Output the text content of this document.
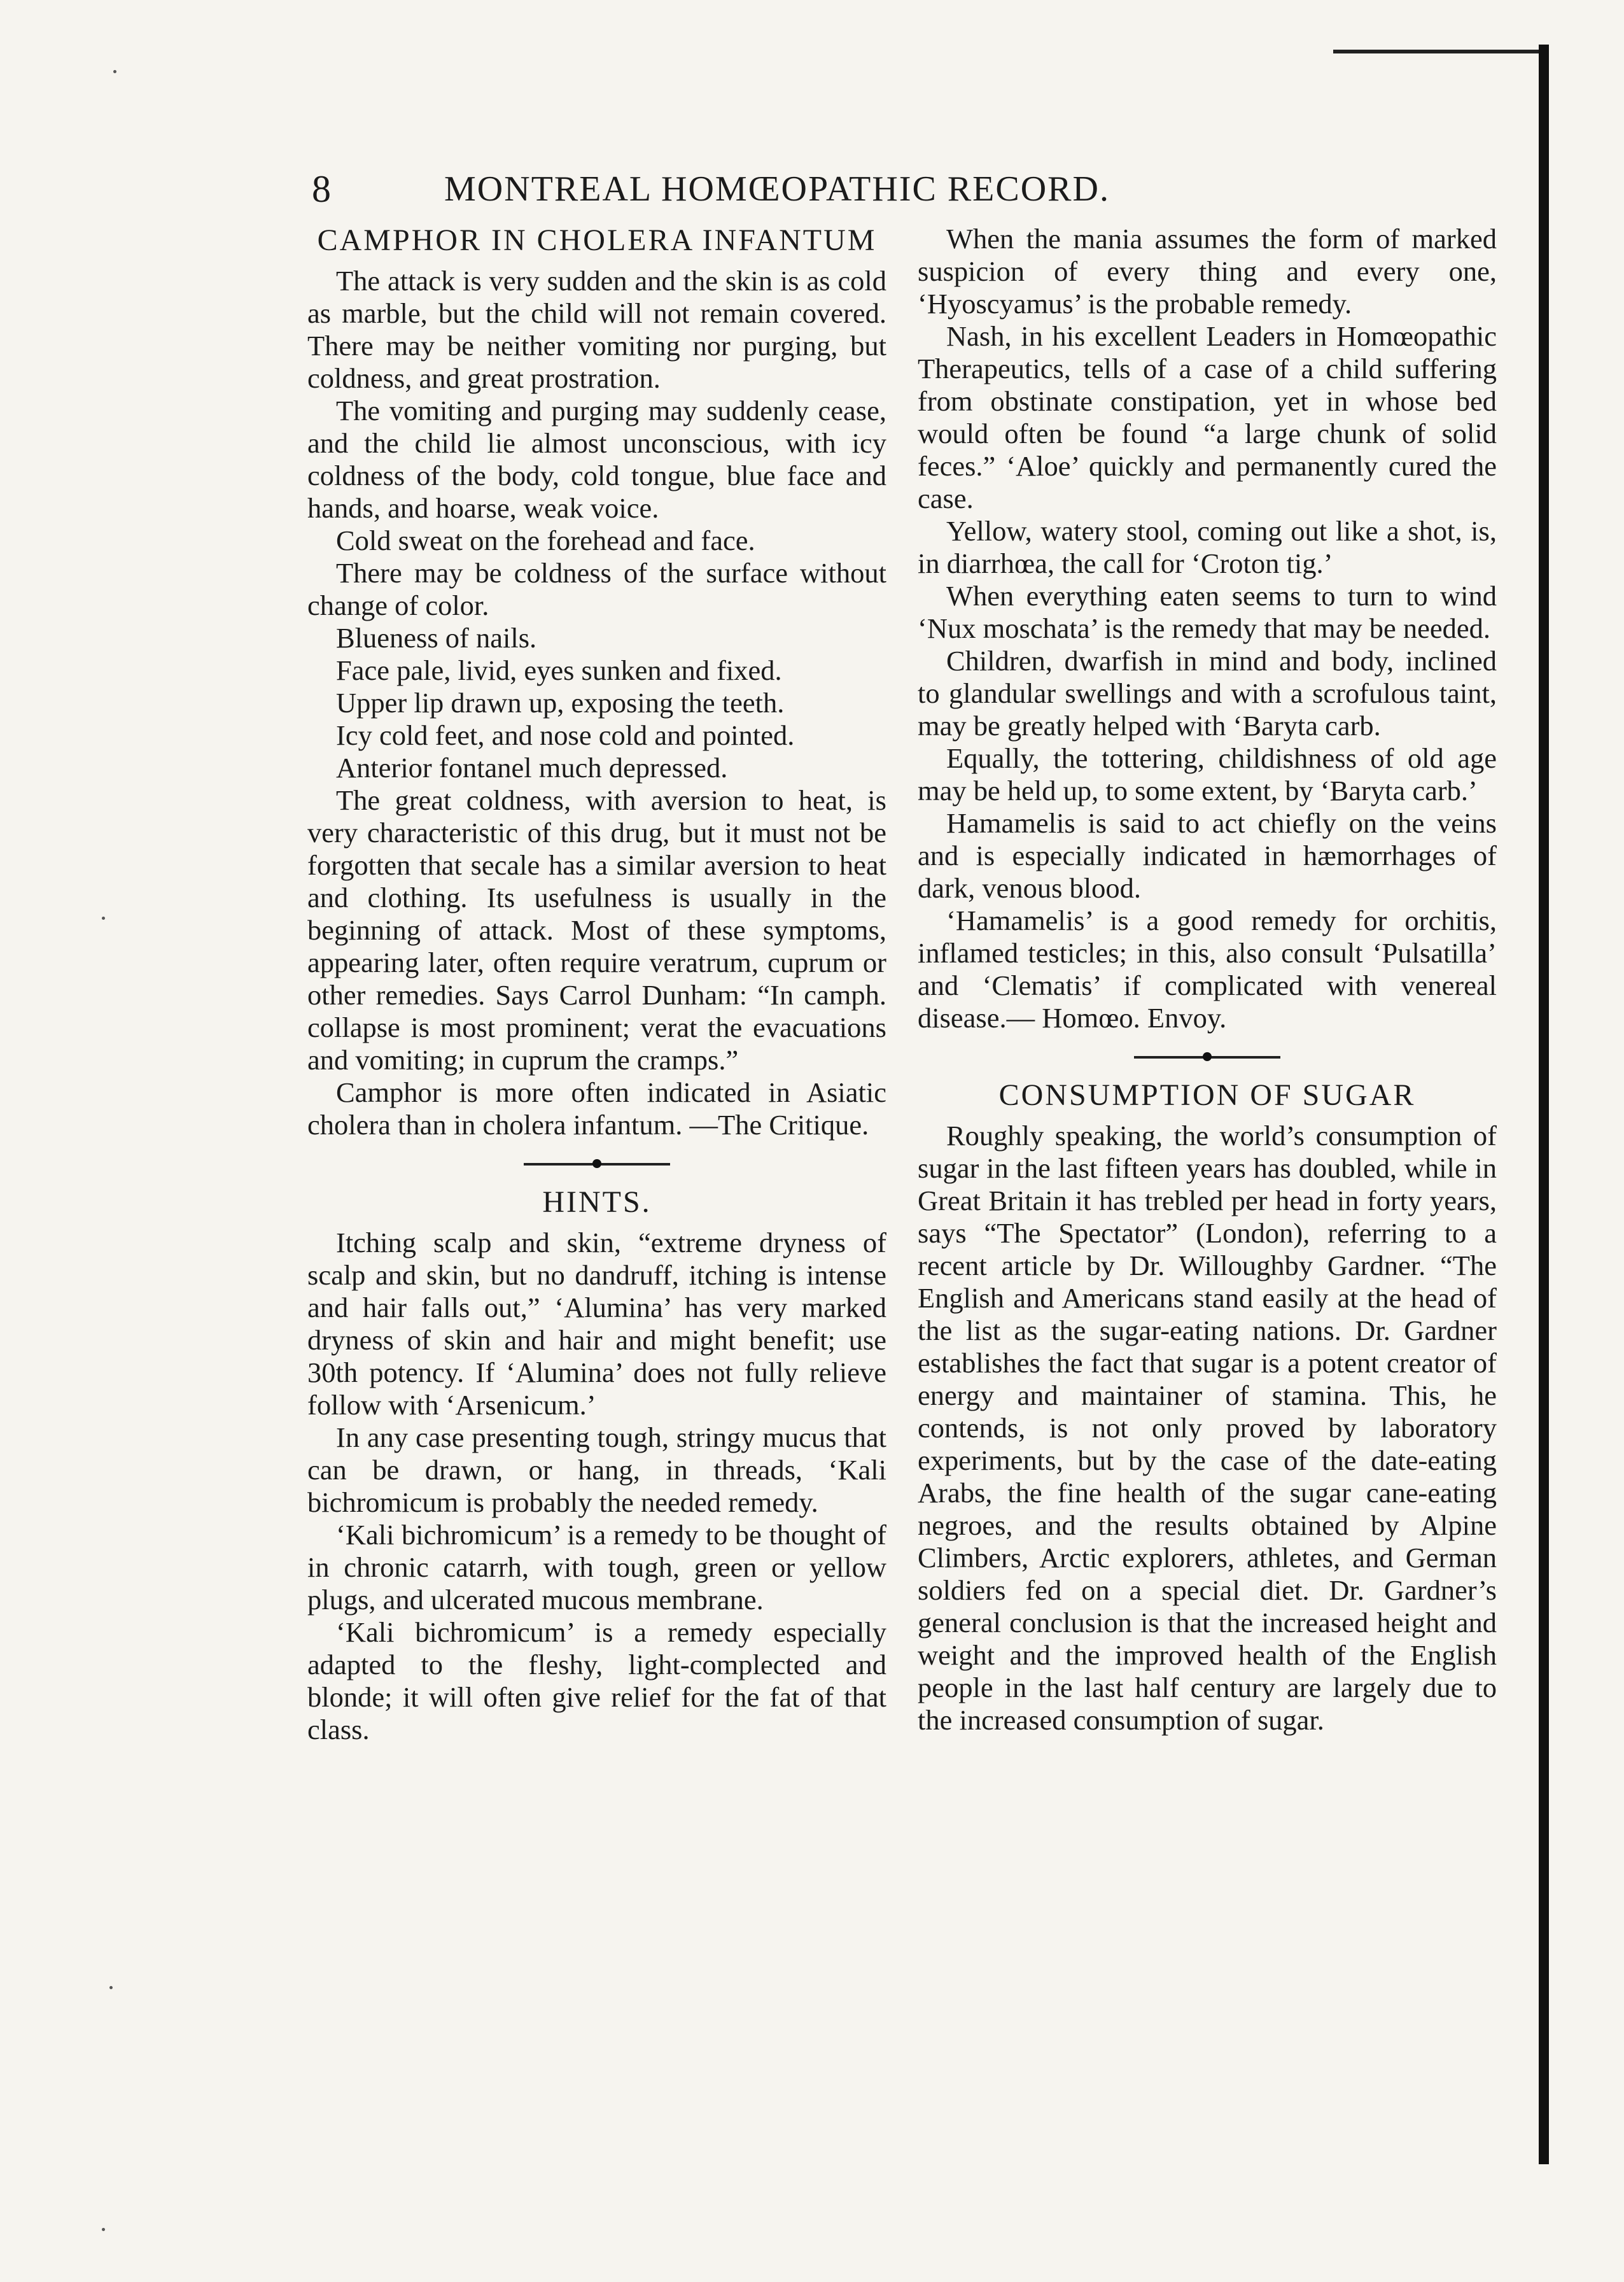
8	MONTREAL HOMŒOPATHIC RECORD.
CAMPHOR IN CHOLERA INFANTUM

The attack is very sudden and the skin is as cold as marble, but the child will not remain covered. There may be neither vomiting nor purging, but coldness, and great prostration.

The vomiting and purging may suddenly cease, and the child lie almost unconscious, with icy coldness of the body, cold tongue, blue face and hands, and hoarse, weak voice.

Cold sweat on the forehead and face.

There may be coldness of the surface without change of color.

Blueness of nails.

Face pale, livid, eyes sunken and fixed.

Upper lip drawn up, exposing the teeth.

Icy cold feet, and nose cold and pointed.

Anterior fontanel much depressed.

The great coldness, with aversion to heat, is very characteristic of this drug, but it must not be forgotten that secale has a similar aversion to heat and clothing. Its usefulness is usually in the beginning of attack. Most of these symptoms, appearing later, often require veratrum, cuprum or other remedies. Says Carrol Dunham: “In camph. collapse is most prominent; verat the evacuations and vomiting; in cuprum the cramps.”

Camphor is more often indicated in Asiatic cholera than in cholera infantum. —The Critique.

HINTS.

Itching scalp and skin, “extreme dryness of scalp and skin, but no dandruff, itching is intense and hair falls out,” ‘Alumina’ has very marked dryness of skin and hair and might benefit; use 30th potency. If ‘Alumina’ does not fully relieve follow with ‘Arsenicum.’

In any case presenting tough, stringy mucus that can be drawn, or hang, in threads, ‘Kali bichromicum is probably the needed remedy.

‘Kali bichromicum’ is a remedy to be thought of in chronic catarrh, with tough, green or yellow plugs, and ulcerated mucous membrane.

‘Kali bichromicum’ is a remedy especially adapted to the fleshy, light-complected and blonde; it will often give relief for the fat of that class.

When the mania assumes the form of marked suspicion of every thing and every one, ‘Hyoscyamus’ is the probable remedy.

Nash, in his excellent Leaders in Homœopathic Therapeutics, tells of a case of a child suffering from obstinate constipation, yet in whose bed would often be found “a large chunk of solid feces.” ‘Aloe’ quickly and permanently cured the case.

Yellow, watery stool, coming out like a shot, is, in diarrhœa, the call for ‘Croton tig.’

When everything eaten seems to turn to wind ‘Nux moschata’ is the remedy that may be needed.

Children, dwarfish in mind and body, inclined to glandular swellings and with a scrofulous taint, may be greatly helped with ‘Baryta carb.

Equally, the tottering, childishness of old age may be held up, to some extent, by ‘Baryta carb.’

Hamamelis is said to act chiefly on the veins and is especially indicated in hæmorrhages of dark, venous blood.

‘Hamamelis’ is a good remedy for orchitis, inflamed testicles; in this, also consult ‘Pulsatilla’ and ‘Clematis’ if complicated with venereal disease.— Homœo. Envoy.

CONSUMPTION OF SUGAR

Roughly speaking, the world’s consumption of sugar in the last fifteen years has doubled, while in Great Britain it has trebled per head in forty years, says “The Spectator” (London), referring to a recent article by Dr. Willoughby Gardner. “The English and Americans stand easily at the head of the list as the sugar-eating nations. Dr. Gardner establishes the fact that sugar is a potent creator of energy and maintainer of stamina. This, he contends, is not only proved by laboratory experiments, but by the case of the date-eating Arabs, the fine health of the sugar cane-eating negroes, and the results obtained by Alpine Climbers, Arctic explorers, athletes, and German soldiers fed on a special diet. Dr. Gardner’s general conclusion is that the increased height and weight and the improved health of the English people in the last half century are largely due to the increased consumption of sugar.
